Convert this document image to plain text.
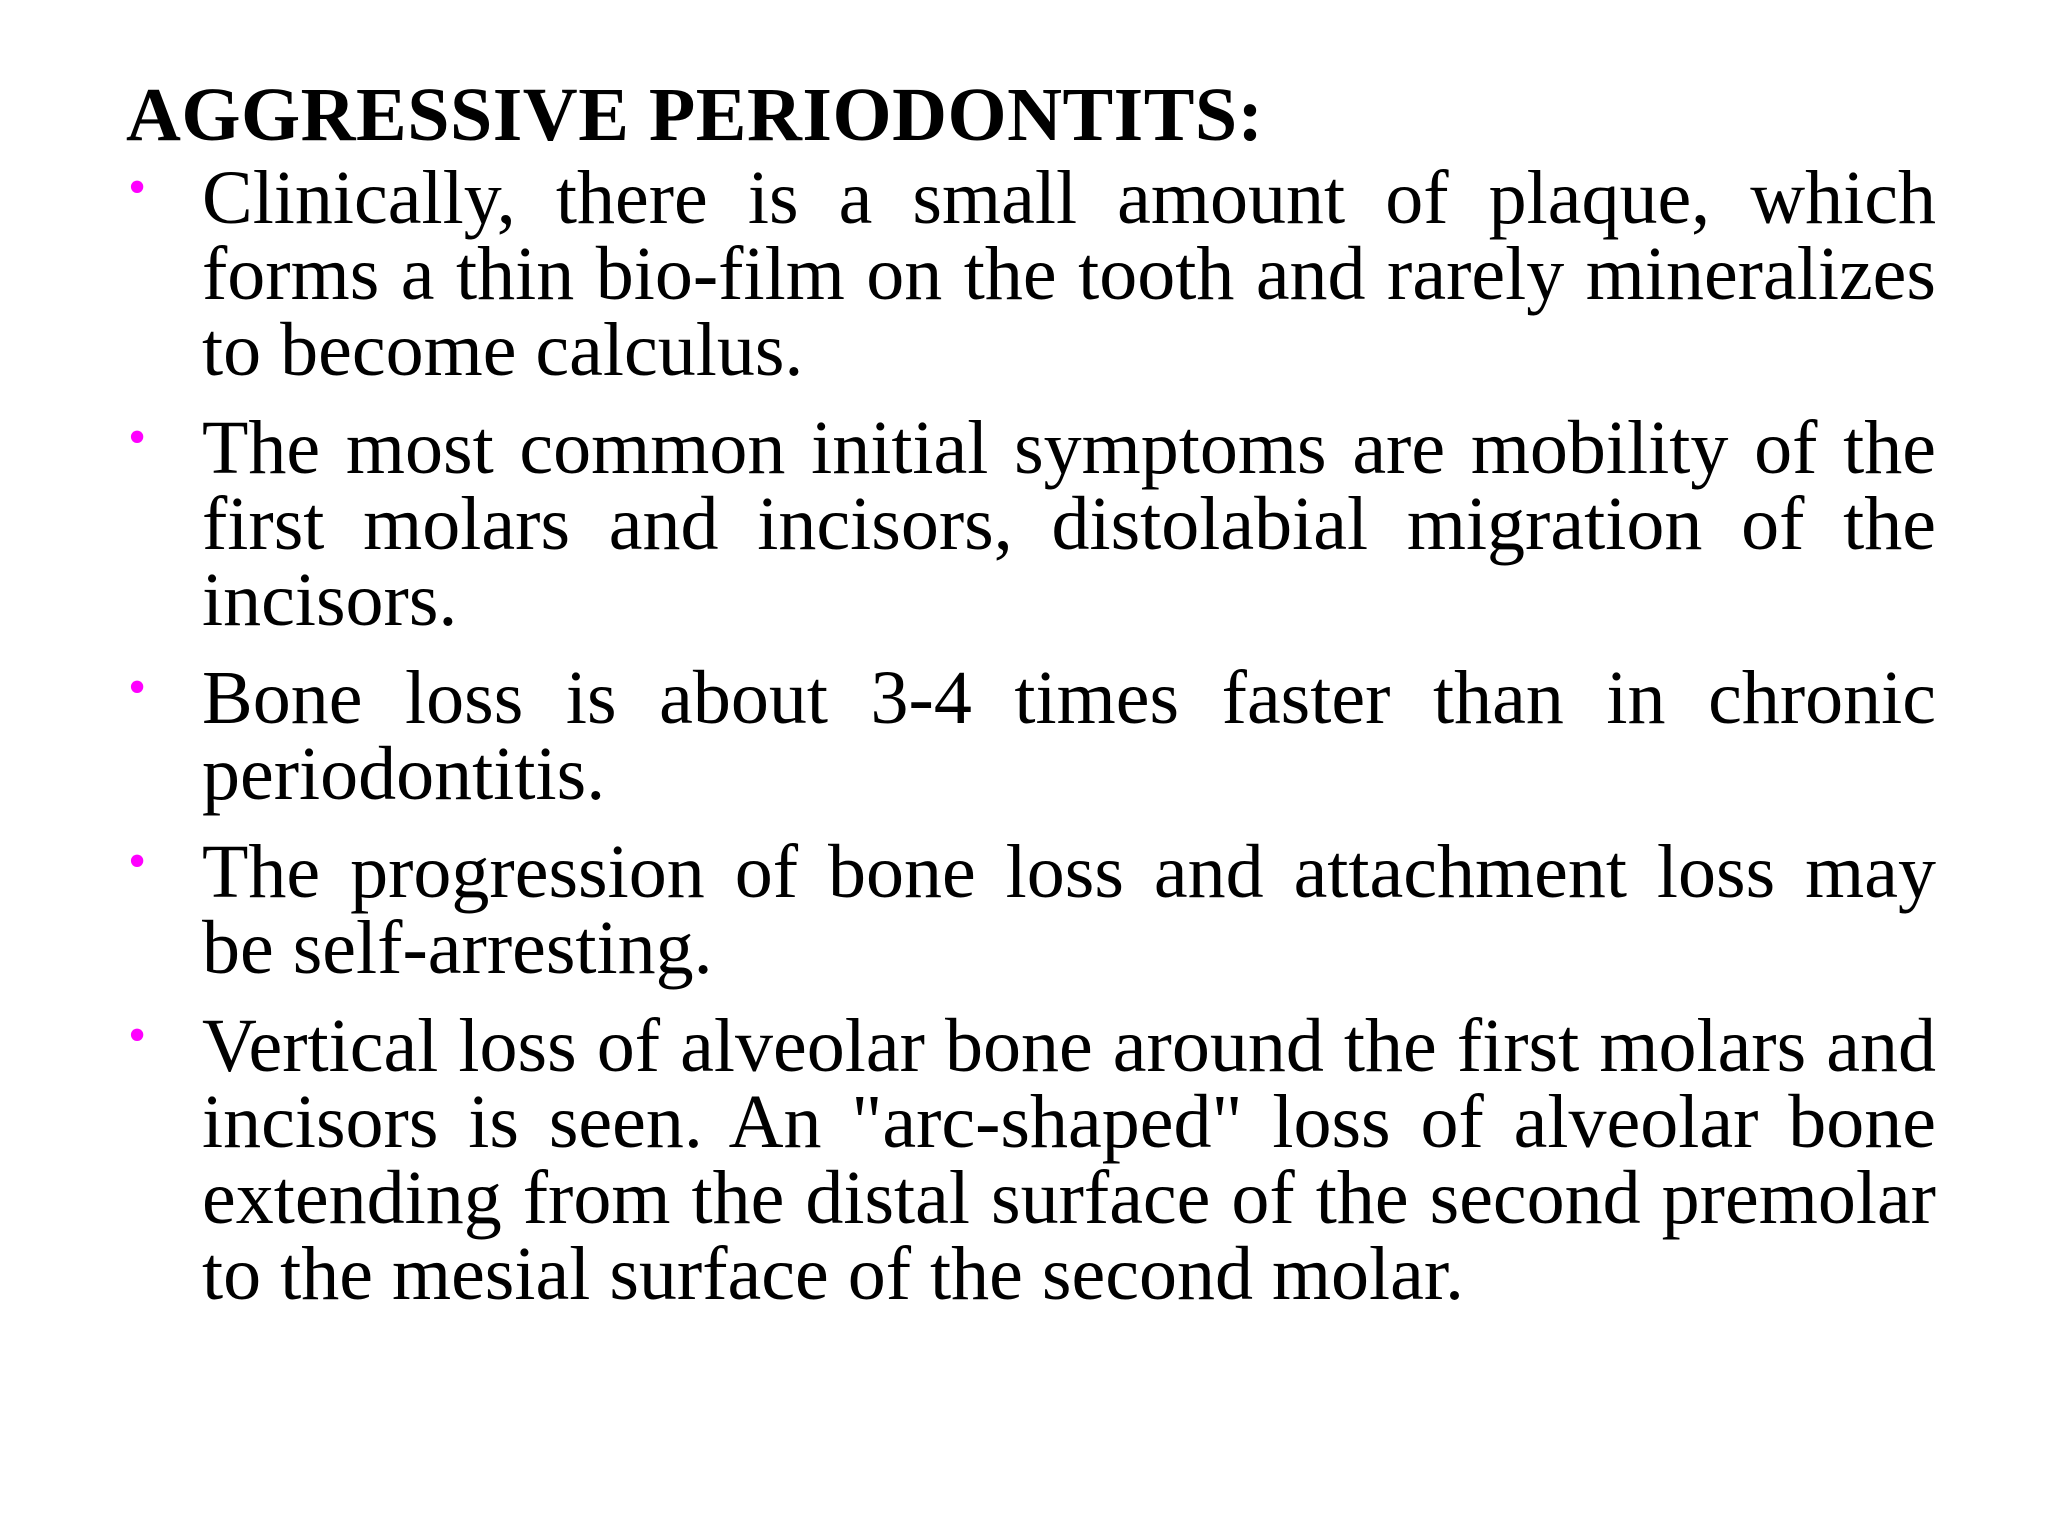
AGGRESSIVE PERIODONTITS:
• Clinically, there is a small amount of plaque, which forms a thin bio-film on the tooth and rarely mineralizes to become calculus.
• The most common initial symptoms are mobility of the first molars and incisors, distolabial migration of the incisors.
• Bone loss is about 3-4 times faster than in chronic periodontitis.
• The progression of bone loss and attachment loss may be self-arresting.
• Vertical loss of alveolar bone around the first molars and incisors is seen. An "arc-shaped" loss of alveolar bone extending from the distal surface of the second premolar to the mesial surface of the second molar.
